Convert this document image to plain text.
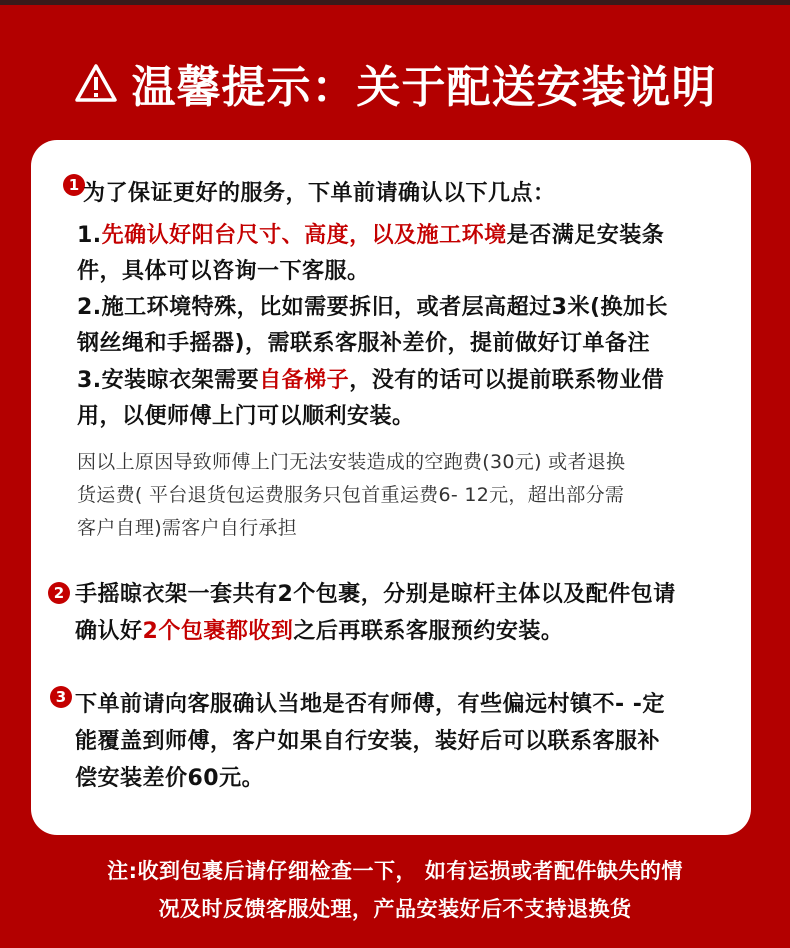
温馨提示：关于配送安装说明
1 为了保证更好的服务，下单前请确认以下几点：
1.先确认好阳台尺寸、高度，以及施工环境是否满足安装条
件，具体可以咨询一下客服。
2.施工环境特殊，比如需要拆旧，或者层高超过3米(换加长
钢丝绳和手摇器)，需联系客服补差价，提前做好订单备注
3.安装晾衣架需要自备梯子，没有的话可以提前联系物业借
用，以便师傅上门可以顺利安装。
因以上原因导致师傅上门无法安装造成的空跑费(30元) 或者退换
货运费( 平台退货包运费服务只包首重运费6- 12元，超出部分需
客户自理)需客户自行承担
2 手摇晾衣架一套共有2个包裹，分别是晾杆主体以及配件包请
确认好2个包裹都收到之后再联系客服预约安装。
3 下单前请向客服确认当地是否有师傅，有些偏远村镇不- -定
能覆盖到师傅，客户如果自行安装，装好后可以联系客服补
偿安装差价60元。
注:收到包裹后请仔细检查一下， 如有运损或者配件缺失的情
况及时反馈客服处理，产品安装好后不支持退换货
